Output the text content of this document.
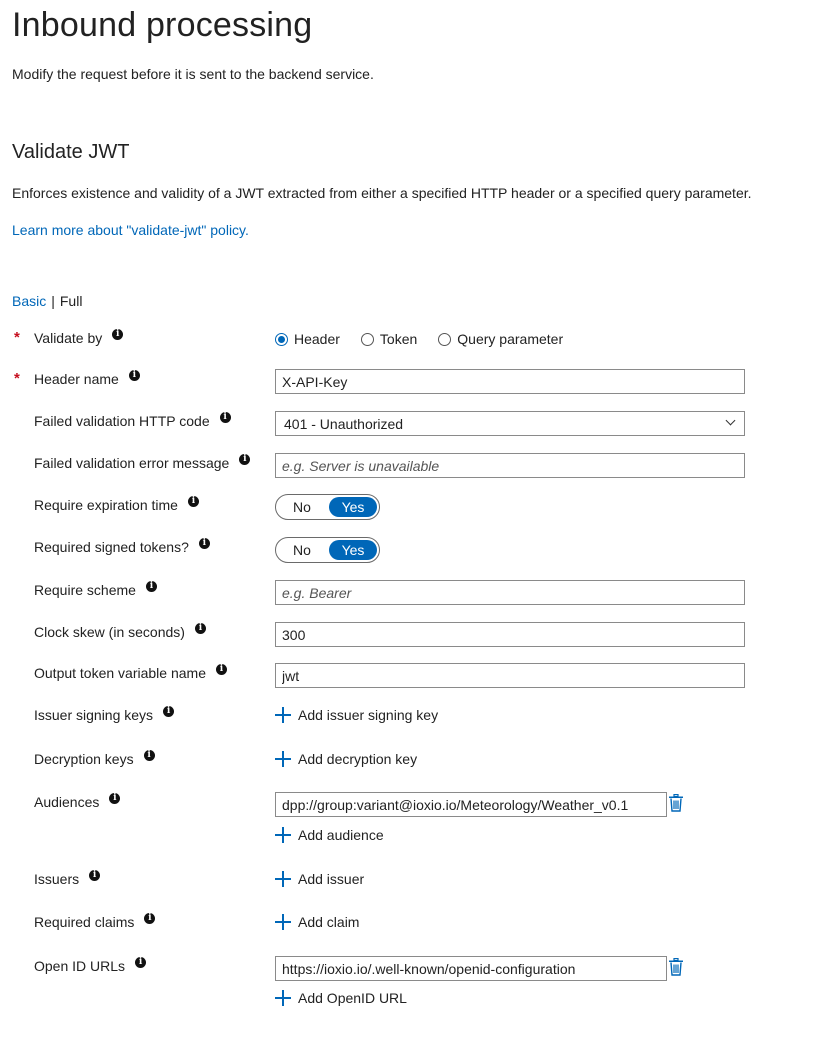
Inbound processing
Modify the request before it is sent to the backend service.
Validate JWT
Enforces existence and validity of a JWT extracted from either a specified HTTP header or a specified query parameter.
Learn more about "validate-jwt" policy.
Basic | Full
* Validate by	i	Header	Token	Query parameter
* Header name	i
X-API-Key
Failed validation HTTP code	i	401 - Unauthorized
Failed validation error message	i
e.g. Server is unavailable
Require expiration time	i	No	Yes
Required signed tokens?	i	No	Yes
Require scheme	i
e.g. Bearer
Clock skew (in seconds)	i
300
Output token variable name	i
jwt
Issuer signing keys	i	Add issuer signing key
Decryption keys	i	Add decryption key
Audiences	i
dpp://group:variant@ioxio.io/Meteorology/Weather_v0.1
Add audience
Issuers	i	Add issuer
Required claims	i	Add claim
Open ID URLs	i
https://ioxio.io/.well-known/openid-configuration
Add OpenID URL
